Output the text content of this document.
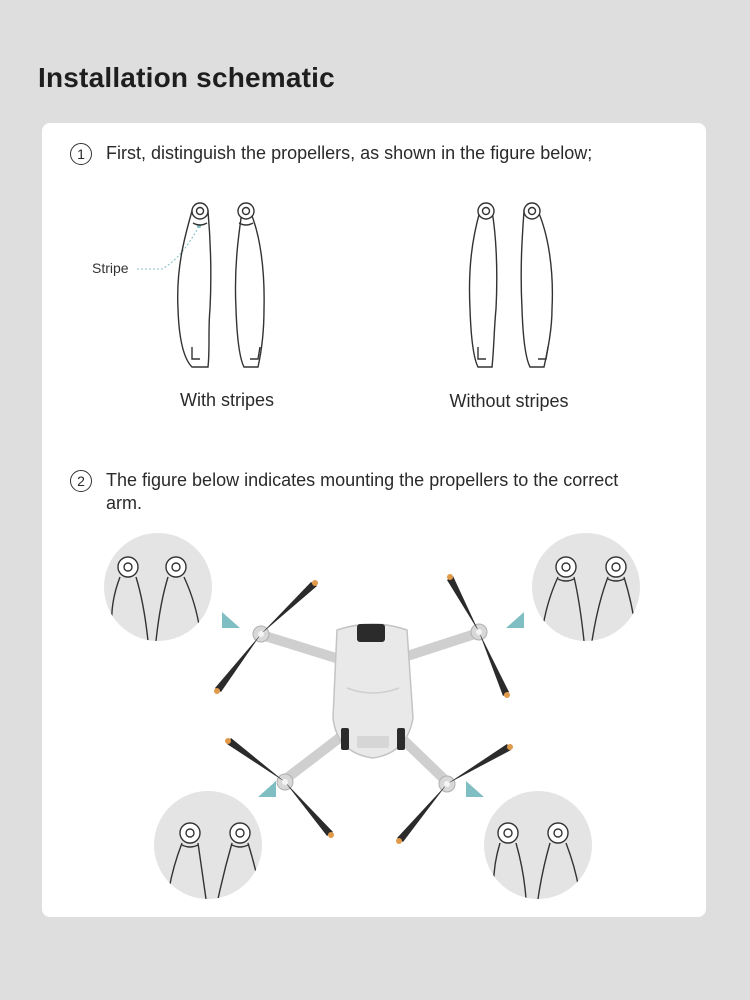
Installation schematic
1	First, distinguish the propellers, as shown in the figure below;
Stripe
With stripes	Without stripes
2	The figure below indicates mounting the propellers to the correct arm.
